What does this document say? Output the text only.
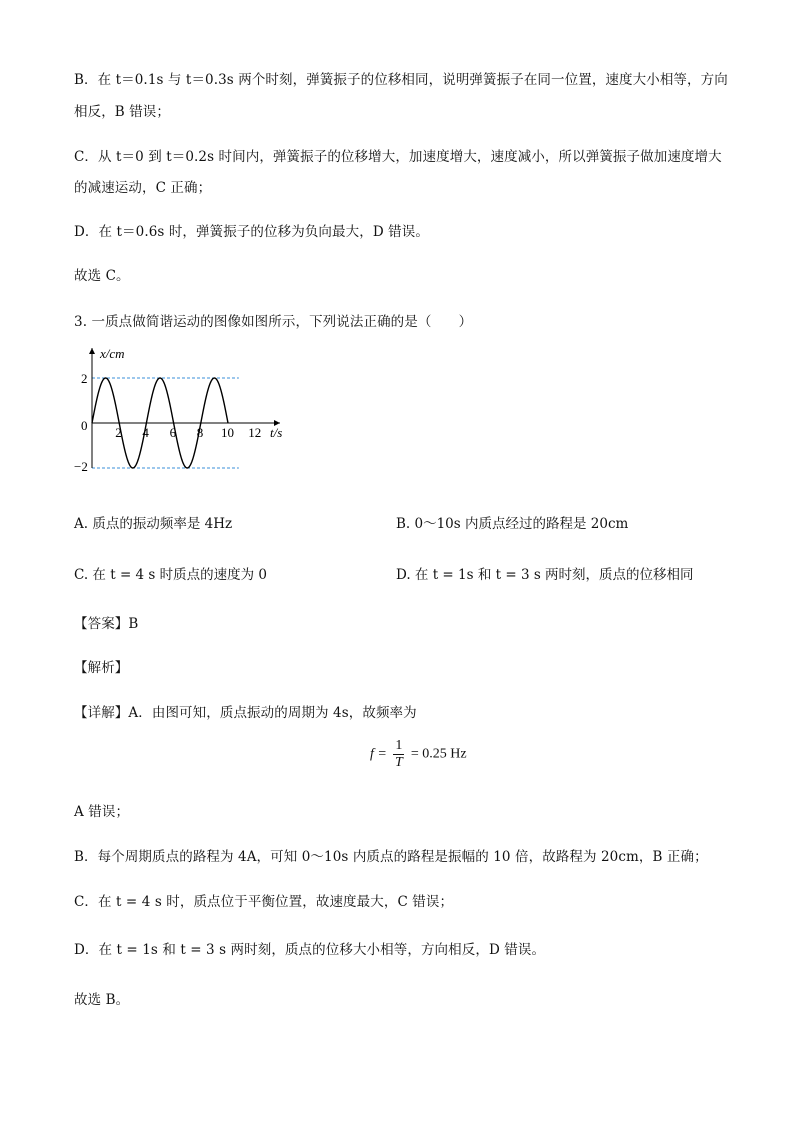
B．在 t＝0.1s 与 t＝0.3s 两个时刻，弹簧振子的位移相同，说明弹簧振子在同一位置，速度大小相等，方向
相反，B 错误；
C．从 t＝0 到 t＝0.2s 时间内，弹簧振子的位移增大，加速度增大，速度减小，所以弹簧振子做加速度增大
的减速运动，C 正确；
D．在 t＝0.6s 时，弹簧振子的位移为负向最大，D 错误。
故选 C。
3. 一质点做简谐运动的图像如图所示，下列说法正确的是（　　）
2 4 6 8 10 12
2
0
−2
x/cm
t/s
A. 质点的振动频率是 4Hz	B. 0～10s 内质点经过的路程是 20cm
C. 在 t = 4 s 时质点的速度为 0	D. 在 t = 1s 和 t = 3 s 两时刻，质点的位移相同
【答案】B
【解析】
【详解】A．由图可知，质点振动的周期为 4s，故频率为
$f = \frac{1}{T} = 0.25$ Hz
A 错误；
B．每个周期质点的路程为 4A，可知 0～10s 内质点的路程是振幅的 10 倍，故路程为 20cm，B 正确；
C．在 t = 4 s 时，质点位于平衡位置，故速度最大，C 错误；
D．在 t = 1s 和 t = 3 s 两时刻，质点的位移大小相等，方向相反，D 错误。
故选 B。
